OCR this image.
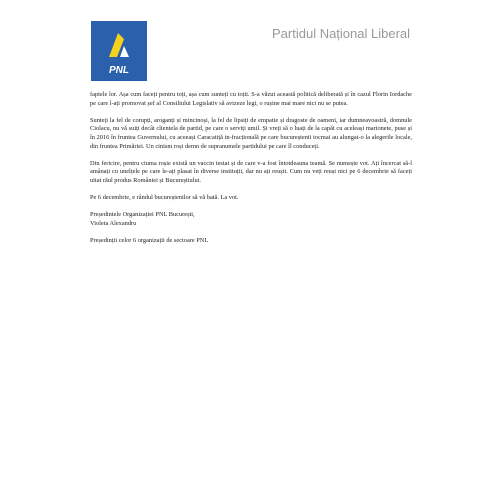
PNL
Partidul Național Liberal

faptele lor. Așa cum faceți pentru toți, așa cum sunteți cu toții. S-a văzut această politică deliberată și în cazul Florin Iordache pe care l-ați promovat șef al Consiliului Legislativ să avizeze legi, o rușine mai mare nici nu se putea.

Sunteți la fel de corupți, aroganți și mincinoși, la fel de lipsiți de empatie și dragoste de oameni, iar dumneavoastră, domnule Ciolacu, nu vă suiți decât clientela de partid, pe care o serviți umil. Și vreți să o luați de la capăt cu aceleași marionete, puse și în 2016 în fruntea Guvernului, cu aceeași Caracatiță in-fracțională pe care bucureștenii tocmai au alungat-o la alegerile locale, din fruntea Primăriei. Un cinism roși demn de supranumele partidului pe care îl conduceți.

Din fericire, pentru ciuma roșie există un vaccin testat și de care v-a fost întotdeauna teamă. Se numește vot. Ați încercat să-l amânați cu unelțele pe care le-ați plasat în diverse instituții, dar nu ați reușit. Cum nu veți reuși nici pe 6 decembrie să faceți uitat răul produs României și Bucureștiului.

Pe 6 decembrie, e rândul bucureștenilor să vă bată. La vot.

Președintele Organizației PNL București,

Violeta Alexandru

Președinții celor 6 organizații de sectoare PNL
